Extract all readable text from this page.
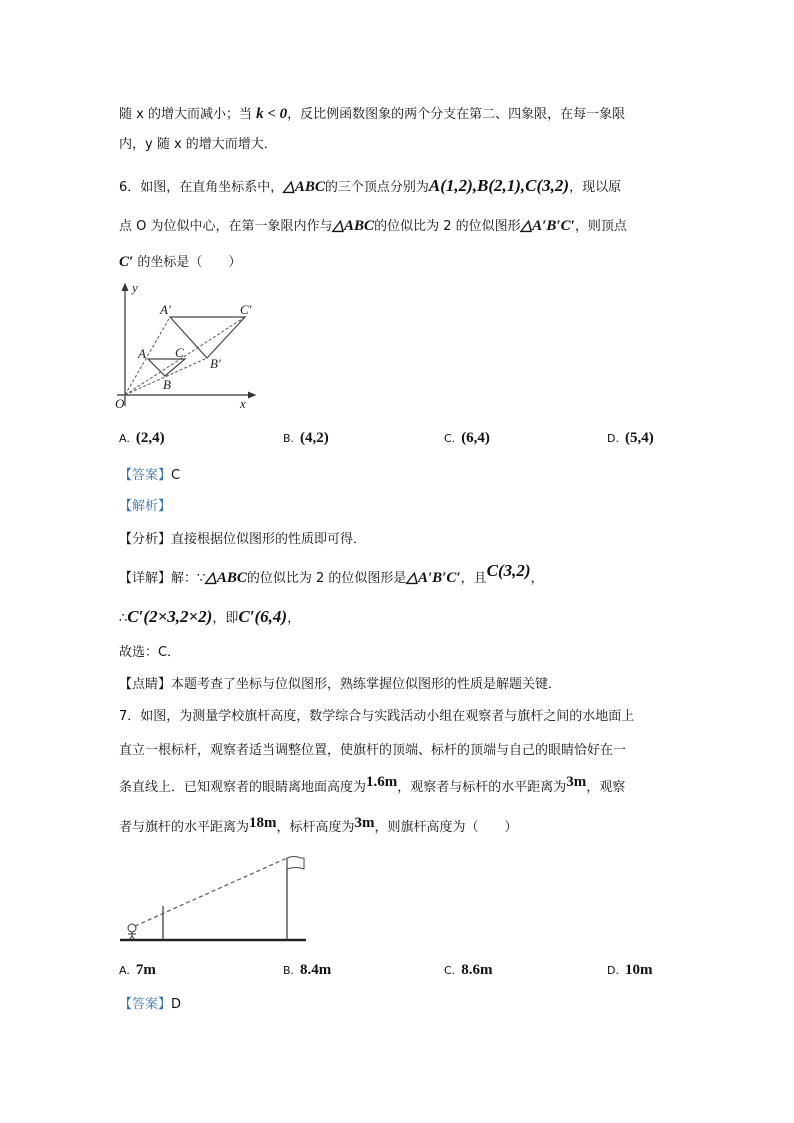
随 x 的增大而减小；当 k < 0，反比例函数图象的两个分支在第二、四象限，在每一象限
内，y 随 x 的增大而增大．
6．如图，在直角坐标系中，△ABC的三个顶点分别为A(1,2),B(2,1),C(3,2)，现以原
点 O 为位似中心，在第一象限内作与△ABC的位似比为 2 的位似图形△A′B′C′，则顶点
C′ 的坐标是（　　）
y
x
O
A
B
C
A′
B′
C′
A. (2,4)	B. (4,2)	C. (6,4)	D. (5,4)
【答案】C
【解析】
【分析】直接根据位似图形的性质即可得．
【详解】解：∵△ABC的位似比为 2 的位似图形是△A′B′C′，且C(3,2)，
∴C′(2×3,2×2)，即C′(6,4)，
故选：C．
【点睛】本题考查了坐标与位似图形，熟练掌握位似图形的性质是解题关键．
7．如图，为测量学校旗杆高度，数学综合与实践活动小组在观察者与旗杆之间的水地面上
直立一根标杆，观察者适当调整位置，使旗杆的顶端、标杆的顶端与自己的眼睛恰好在一
条直线上．已知观察者的眼睛离地面高度为1.6m，观察者与标杆的水平距离为3m，观察
者与旗杆的水平距离为18m，标杆高度为3m，则旗杆高度为（　　）
A. 7m	B. 8.4m	C. 8.6m	D. 10m
【答案】D
